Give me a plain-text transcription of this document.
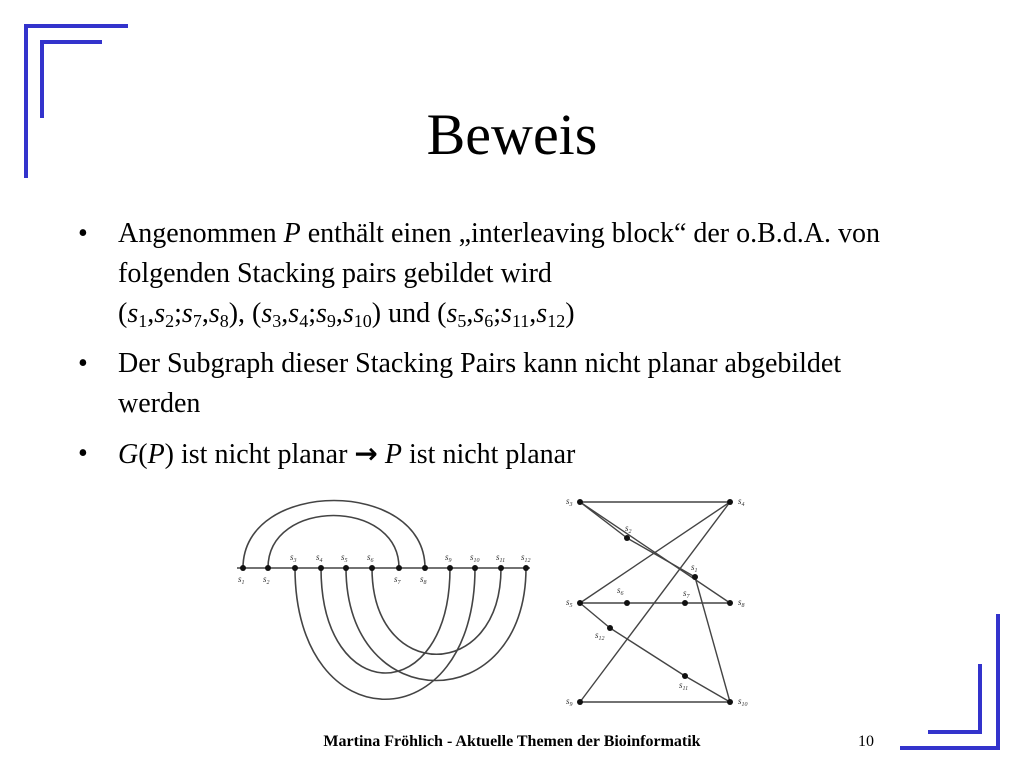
Beweis
• Angenommen P enthält einen „interleaving block“ der o.B.d.A. von folgenden Stacking pairs gebildet wird
$(s_1,s_2;s_7,s_8)$, $(s_3,s_4;s_9,s_{10})$ und $(s_5,s_6;s_{11},s_{12})$
• Der Subgraph dieser Stacking Pairs kann nicht planar abgebildet werden
• G(P) ist nicht planar → P ist nicht planar
$s_1$ $s_2$
$s_3$ $s_4$ $s_5$ $s_6$
$s_7$ $s_8$
$s_9$ $s_{10}$ $s_{11}$ $s_{12}$
$s_3$	$s_4$
$s_2$
$s_1$
$s_6$	$s_7$
$s_5$	$s_8$
$s_{12}$
$s_{11}$
$s_9$	$s_{10}$
Martina Fröhlich - Aktuelle Themen der Bioinformatik	10
